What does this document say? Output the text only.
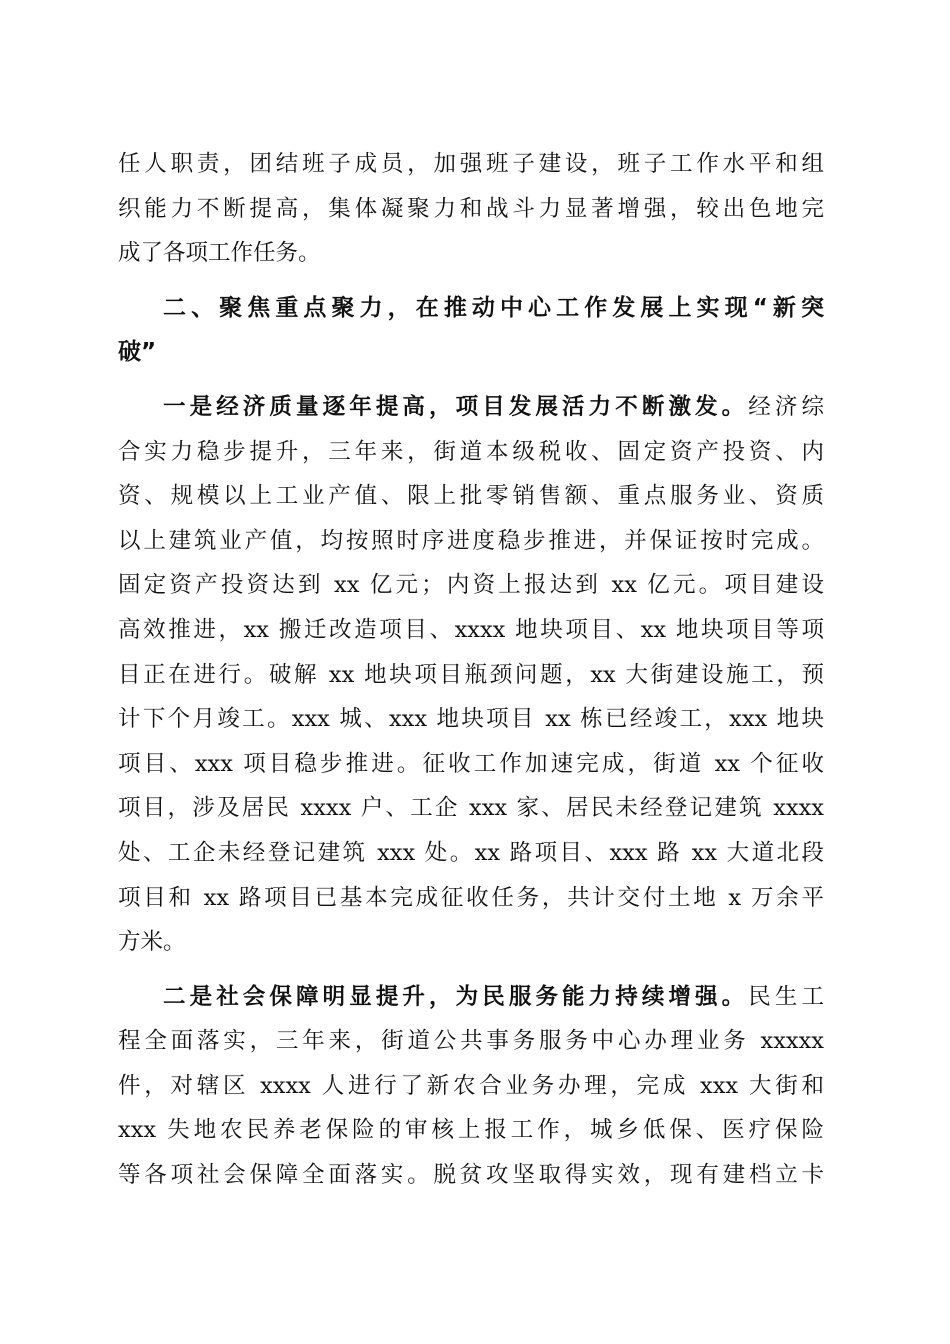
任人职责，团结班子成员，加强班子建设，班子工作水平和组
织能力不断提高，集体凝聚力和战斗力显著增强，较出色地完
成了各项工作任务。
二、聚焦重点聚力，在推动中心工作发展上实现“新突
破”
一是经济质量逐年提高，项目发展活力不断激发。经济综
合实力稳步提升，三年来，街道本级税收、固定资产投资、内
资、规模以上工业产值、限上批零销售额、重点服务业、资质
以上建筑业产值，均按照时序进度稳步推进，并保证按时完成。
固定资产投资达到 xx 亿元；内资上报达到 xx 亿元。项目建设
高效推进，xx 搬迁改造项目、xxxx 地块项目、xx 地块项目等项
目正在进行。破解 xx 地块项目瓶颈问题，xx 大街建设施工，预
计下个月竣工。xxx 城、xxx 地块项目 xx 栋已经竣工，xxx 地块
项目、xxx 项目稳步推进。征收工作加速完成，街道 xx 个征收
项目，涉及居民 xxxx 户、工企 xxx 家、居民未经登记建筑 xxxx
处、工企未经登记建筑 xxx 处。xx 路项目、xxx 路 xx 大道北段
项目和 xx 路项目已基本完成征收任务，共计交付土地 x 万余平
方米。
二是社会保障明显提升，为民服务能力持续增强。民生工
程全面落实，三年来，街道公共事务服务中心办理业务 xxxxx
件，对辖区 xxxx 人进行了新农合业务办理，完成 xxx 大街和
xxx 失地农民养老保险的审核上报工作，城乡低保、医疗保险
等各项社会保障全面落实。脱贫攻坚取得实效，现有建档立卡
